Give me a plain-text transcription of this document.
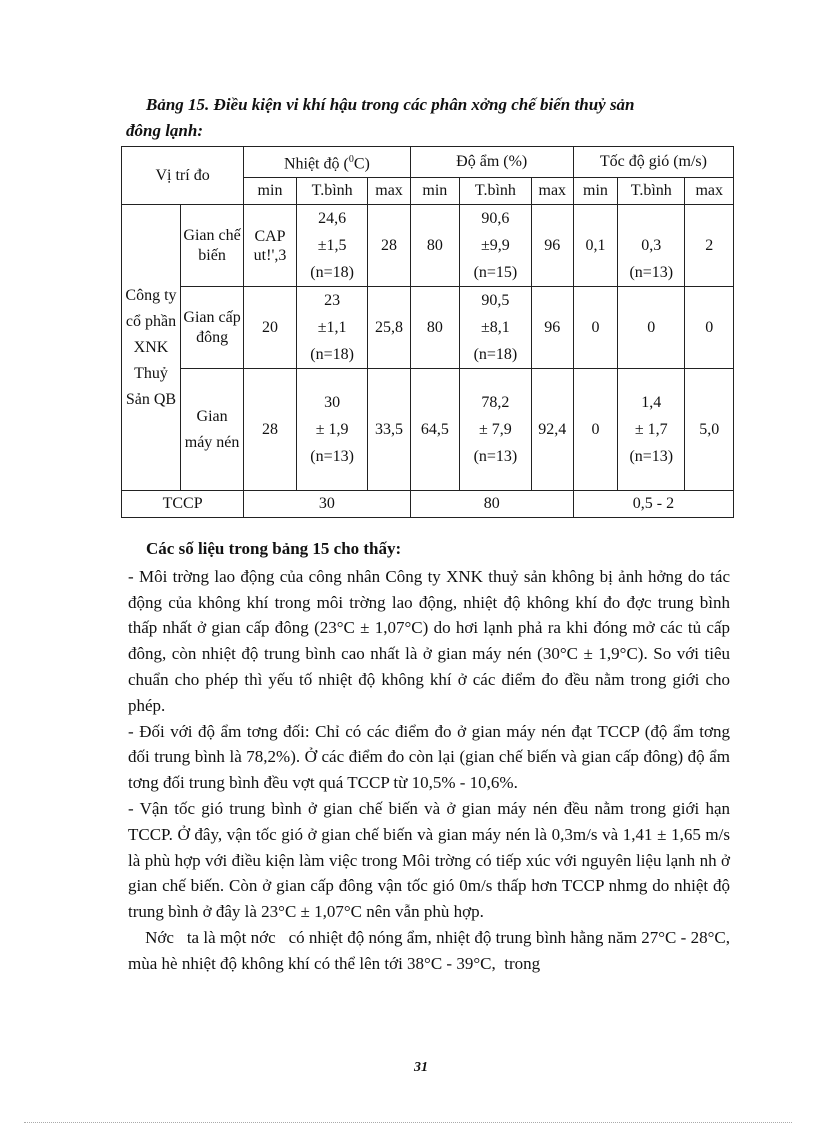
Bảng 15. Điều kiện vi khí hậu trong các phân xởng chế biến thuỷ sản
đông lạnh:
Vị trí đo		Nhiệt độ ($^0$C)			Độ ẩm (%)			Tốc độ gió (m/s)		
		min	T.bình	max	min	T.bình	max	min	T.bình	max
Công ty cổ phần XNK Thuỷ Sản QB	Gian chế biến	CAP ut!',3	24,6
±1,5
(n=18)	28	80	90,6
±9,9
(n=15)	96	0,1	0,3
(n=13)	2
	Gian cấp đông	20	23
±1,1
(n=18)	25,8	80	90,5
±8,1
(n=18)	96	0	0	0
	Gian máy nén	28	30
± 1,9
(n=13)	33,5	64,5	78,2
± 7,9
(n=13)	92,4	0	1,4
± 1,7
(n=13)	5,0
TCCP		30			80			0,5 - 2		

Các số liệu trong bảng 15 cho thấy:

- Môi trờng lao động của công nhân Công ty XNK thuỷ sản không bị ảnh hởng do tác động của không khí trong môi trờng lao động, nhiệt độ không khí đo đợc trung bình thấp nhất ở gian cấp đông (23°C ± 1,07°C) do hơi lạnh phả ra khi đóng mở các tủ cấp đông, còn nhiệt độ trung bình cao nhất là ở gian máy nén (30°C ± 1,9°C). So với tiêu chuẩn cho phép thì yếu tố nhiệt độ không khí ở các điểm đo đều nằm trong giới cho phép.

- Đối với độ ẩm tơng đối: Chỉ có các điểm đo ở gian máy nén đạt TCCP (độ ẩm tơng đối trung bình là 78,2%). Ở các điểm đo còn lại (gian chế biến và gian cấp đông) độ ẩm tơng đối trung bình đều vợt quá TCCP từ 10,5% - 10,6%.

- Vận tốc gió trung bình ở gian chế biến và ở gian máy nén đều nằm trong giới hạn TCCP. Ở đây, vận tốc gió ở gian chế biến và gian máy nén là 0,3m/s và 1,41 ± 1,65 m/s là phù hợp với điều kiện làm việc trong Môi trờng có tiếp xúc với nguyên liệu lạnh nh ở gian chế biến. Còn ở gian cấp đông vận tốc gió 0m/s thấp hơn TCCP nhmg do nhiệt độ trung bình ở đây là 23°C ± 1,07°C nên vẫn phù hợp.

Nớc   ta là một nớc   có nhiệt độ nóng ẩm, nhiệt độ trung bình hằng năm 27°C - 28°C,  mùa hè nhiệt độ không khí có thể lên tới 38°C - 39°C,  trong

31
